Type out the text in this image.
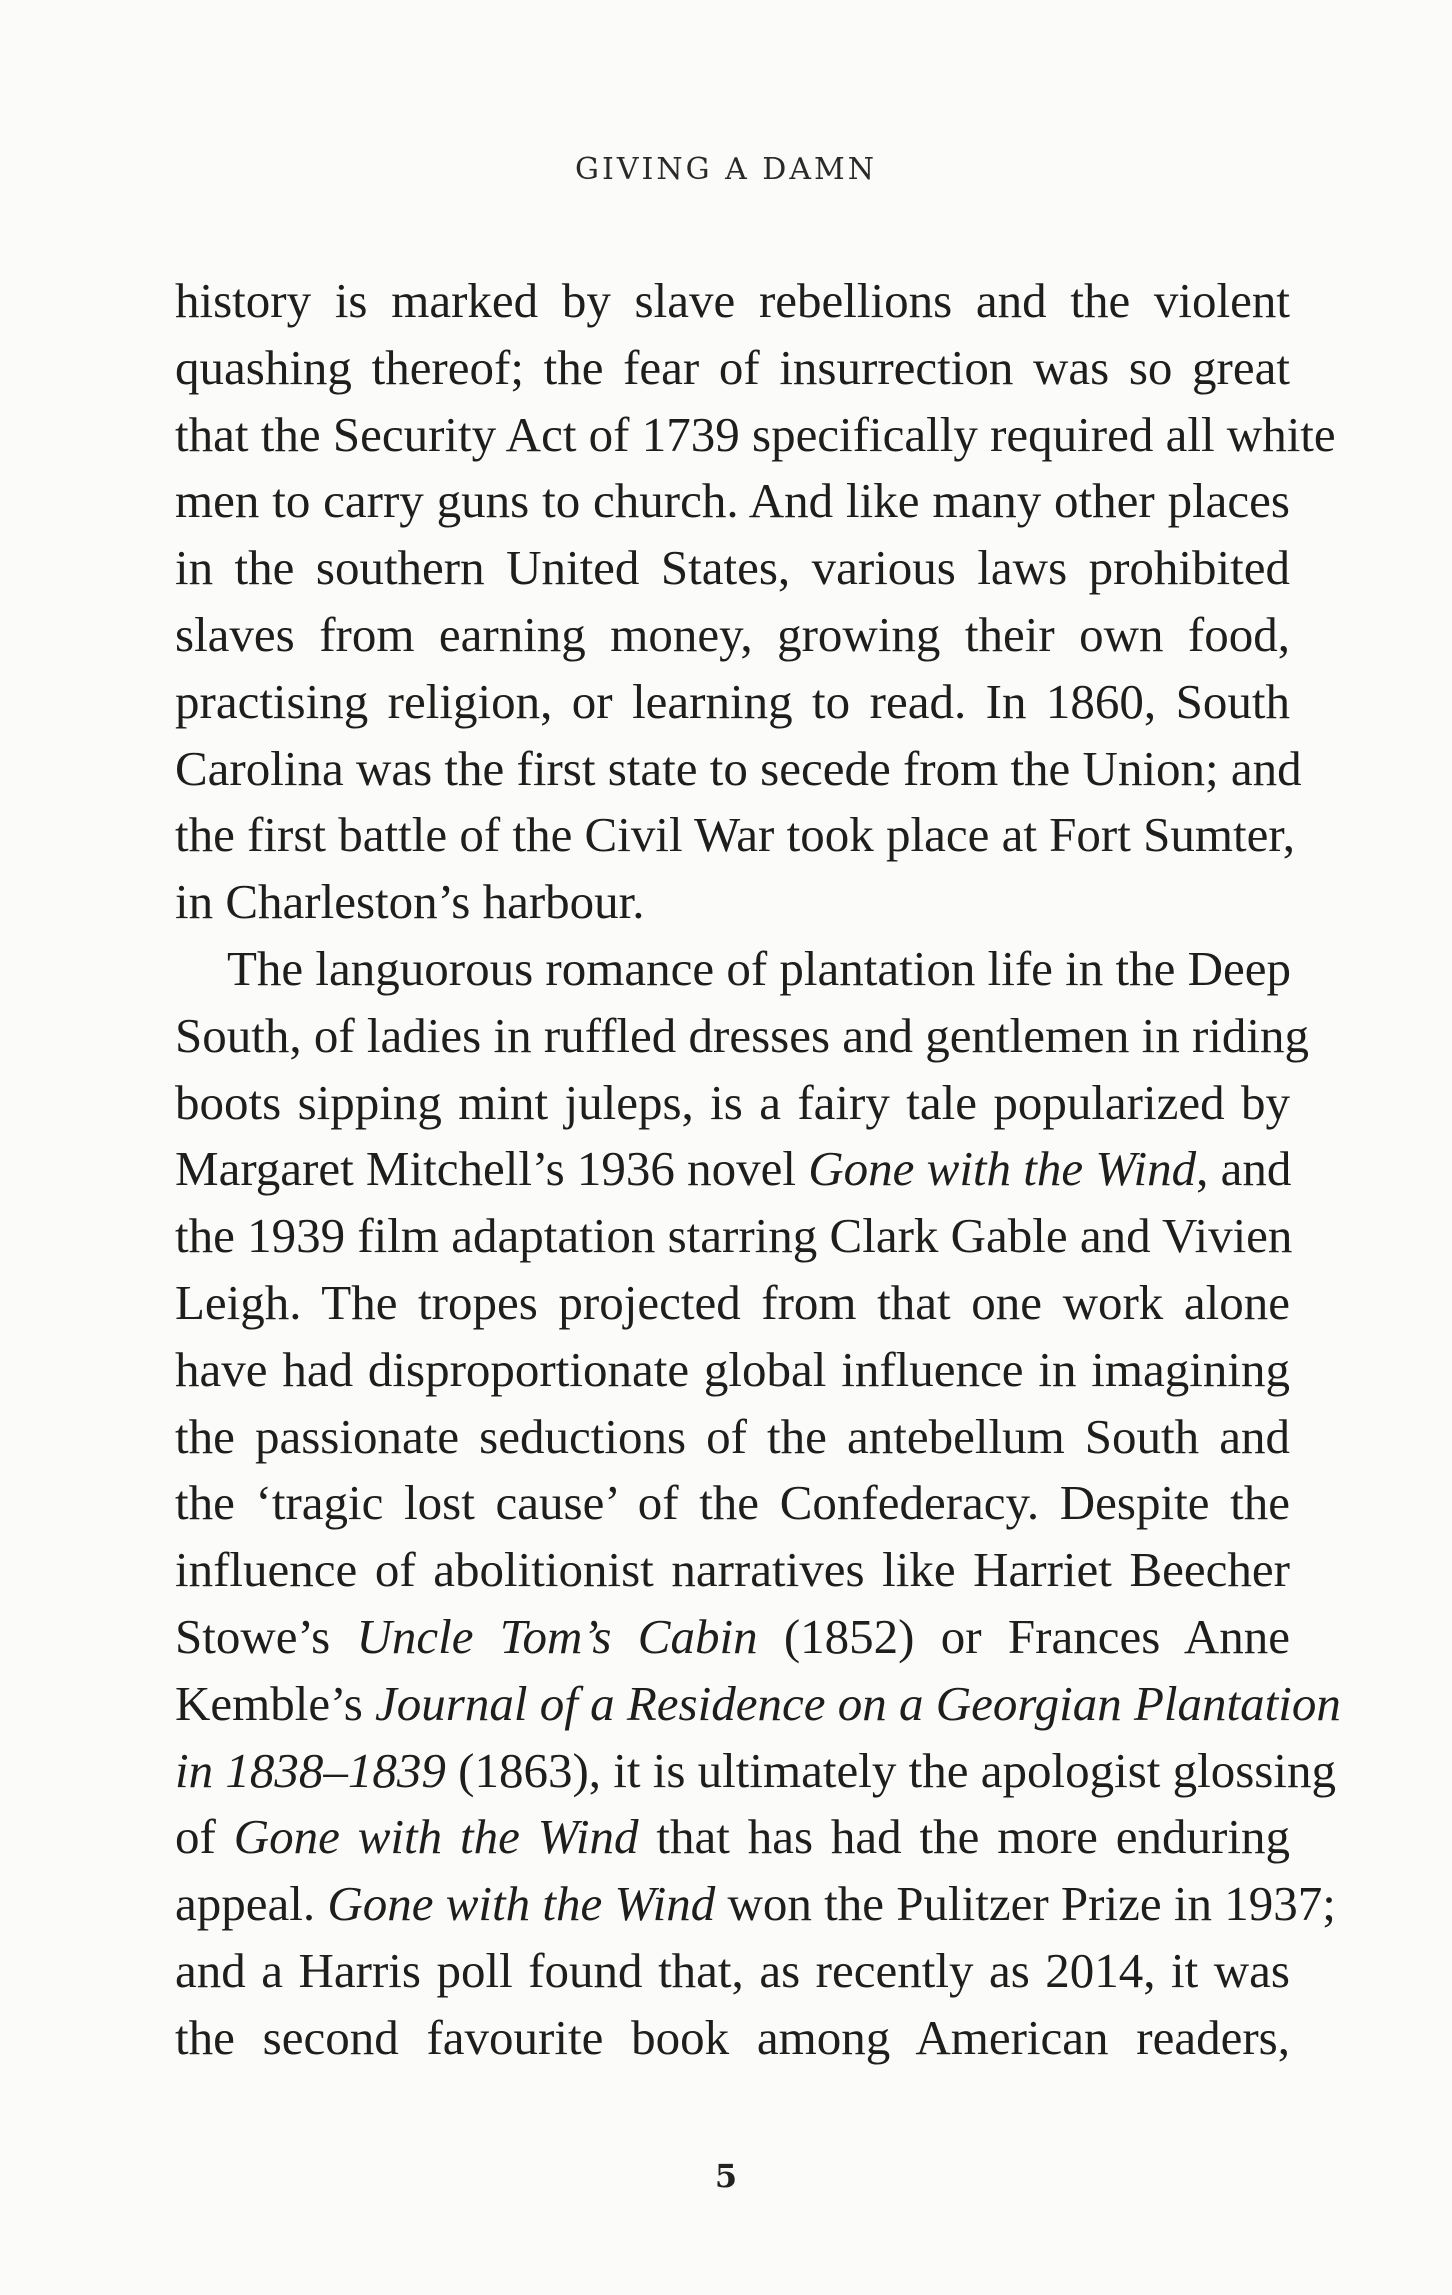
GIVING A DAMN
history is marked by slave rebellions and the violent
quashing thereof; the fear of insurrection was so great
that the Security Act of 1739 specifically required all white
men to carry guns to church. And like many other places
in the southern United States, various laws prohibited
slaves from earning money, growing their own food,
practising religion, or learning to read. In 1860, South
Carolina was the first state to secede from the Union; and
the first battle of the Civil War took place at Fort Sumter,
in Charleston’s harbour.
The languorous romance of plantation life in the Deep
South, of ladies in ruffled dresses and gentlemen in riding
boots sipping mint juleps, is a fairy tale popularized by
Margaret Mitchell’s 1936 novel Gone with the Wind, and
the 1939 film adaptation starring Clark Gable and Vivien
Leigh. The tropes projected from that one work alone
have had disproportionate global influence in imagining
the passionate seductions of the antebellum South and
the ‘tragic lost cause’ of the Confederacy. Despite the
influence of abolitionist narratives like Harriet Beecher
Stowe’s Uncle Tom’s Cabin (1852) or Frances Anne
Kemble’s Journal of a Residence on a Georgian Plantation
in 1838–1839 (1863), it is ultimately the apologist glossing
of Gone with the Wind that has had the more enduring
appeal. Gone with the Wind won the Pulitzer Prize in 1937;
and a Harris poll found that, as recently as 2014, it was
the second favourite book among American readers,
5
